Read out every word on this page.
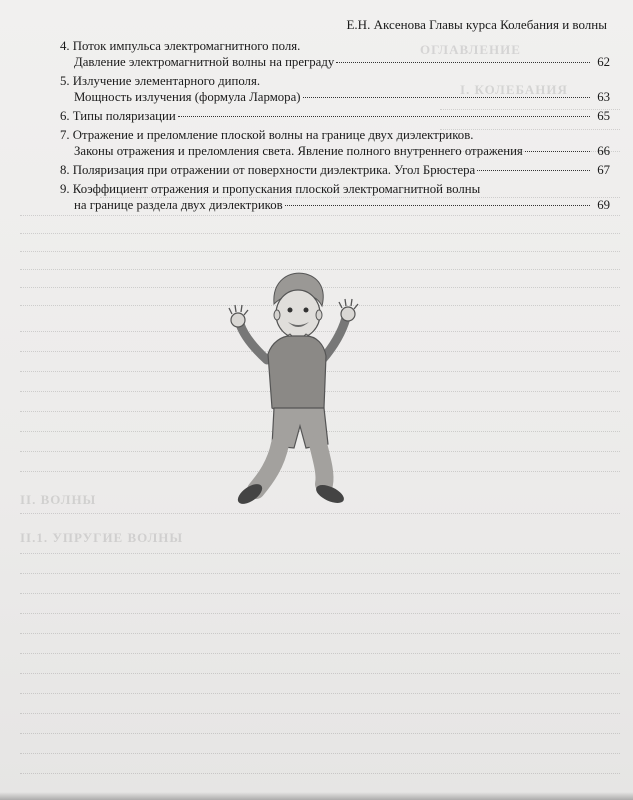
ОГЛАВЛЕНИЕ
I. КОЛЕБАНИЯ
II. ВОЛНЫ
II.1. УПРУГИЕ ВОЛНЫ
Е.Н. Аксенова Главы курса Колебания и волны
4. Поток импульса электромагнитного поля.
Давление электромагнитной волны на преграду	62
5. Излучение элементарного диполя.
Мощность излучения (формула Лармора)	63
6. Типы поляризации	65
7. Отражение и преломление плоской волны на границе двух диэлектриков.
Законы отражения и преломления света. Явление полного внутреннего отражения	66
8. Поляризация при отражении от поверхности диэлектрика. Угол Брюстера	67
9. Коэффициент отражения и пропускания плоской электромагнитной волны
на границе раздела двух диэлектриков	69
